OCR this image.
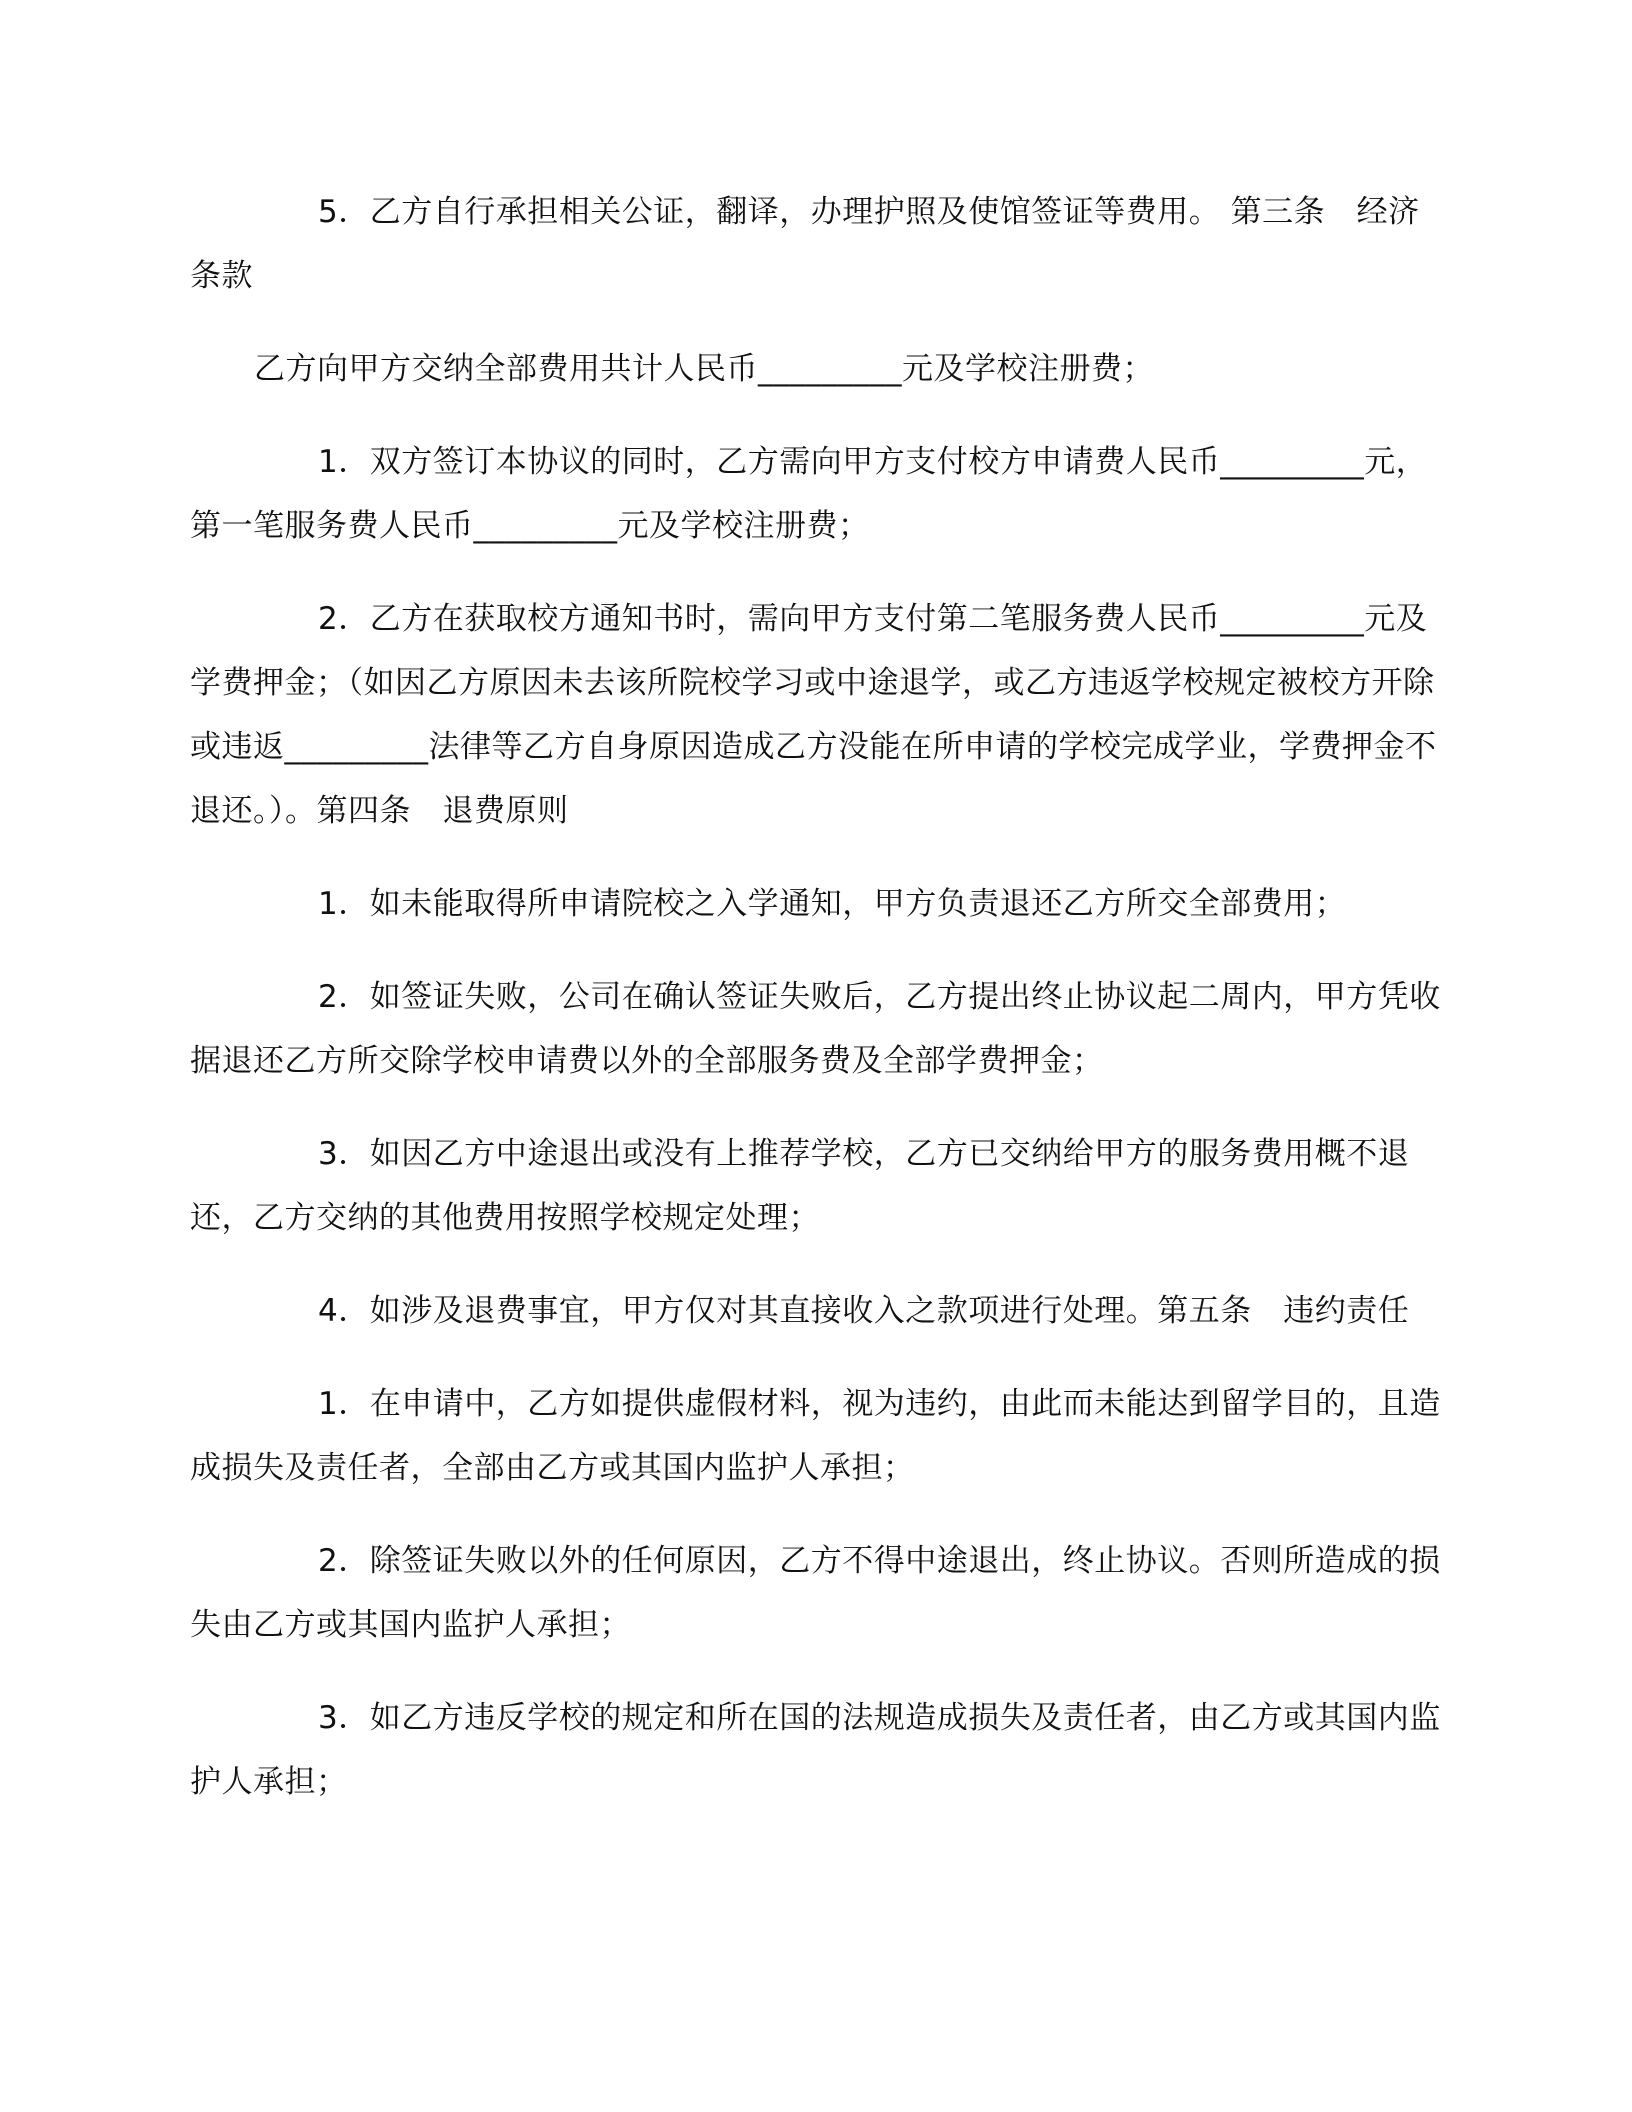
5．乙方自行承担相关公证，翻译，办理护照及使馆签证等费用。 第三条　经济条款

乙方向甲方交纳全部费用共计人民币_________元及学校注册费；

1．双方签订本协议的同时，乙方需向甲方支付校方申请费人民币_________元，第一笔服务费人民币_________元及学校注册费；

2．乙方在获取校方通知书时，需向甲方支付第二笔服务费人民币_________元及学费押金；（如因乙方原因未去该所院校学习或中途退学，或乙方违返学校规定被校方开除或违返_________法律等乙方自身原因造成乙方没能在所申请的学校完成学业，学费押金不退还。）。第四条　退费原则

1．如未能取得所申请院校之入学通知，甲方负责退还乙方所交全部费用；

2．如签证失败，公司在确认签证失败后，乙方提出终止协议起二周内，甲方凭收据退还乙方所交除学校申请费以外的全部服务费及全部学费押金；

3．如因乙方中途退出或没有上推荐学校，乙方已交纳给甲方的服务费用概不退还，乙方交纳的其他费用按照学校规定处理；

4．如涉及退费事宜，甲方仅对其直接收入之款项进行处理。第五条　违约责任

1．在申请中，乙方如提供虚假材料，视为违约，由此而未能达到留学目的，且造成损失及责任者，全部由乙方或其国内监护人承担；

2．除签证失败以外的任何原因，乙方不得中途退出，终止协议。否则所造成的损失由乙方或其国内监护人承担；

3．如乙方违反学校的规定和所在国的法规造成损失及责任者，由乙方或其国内监护人承担；
